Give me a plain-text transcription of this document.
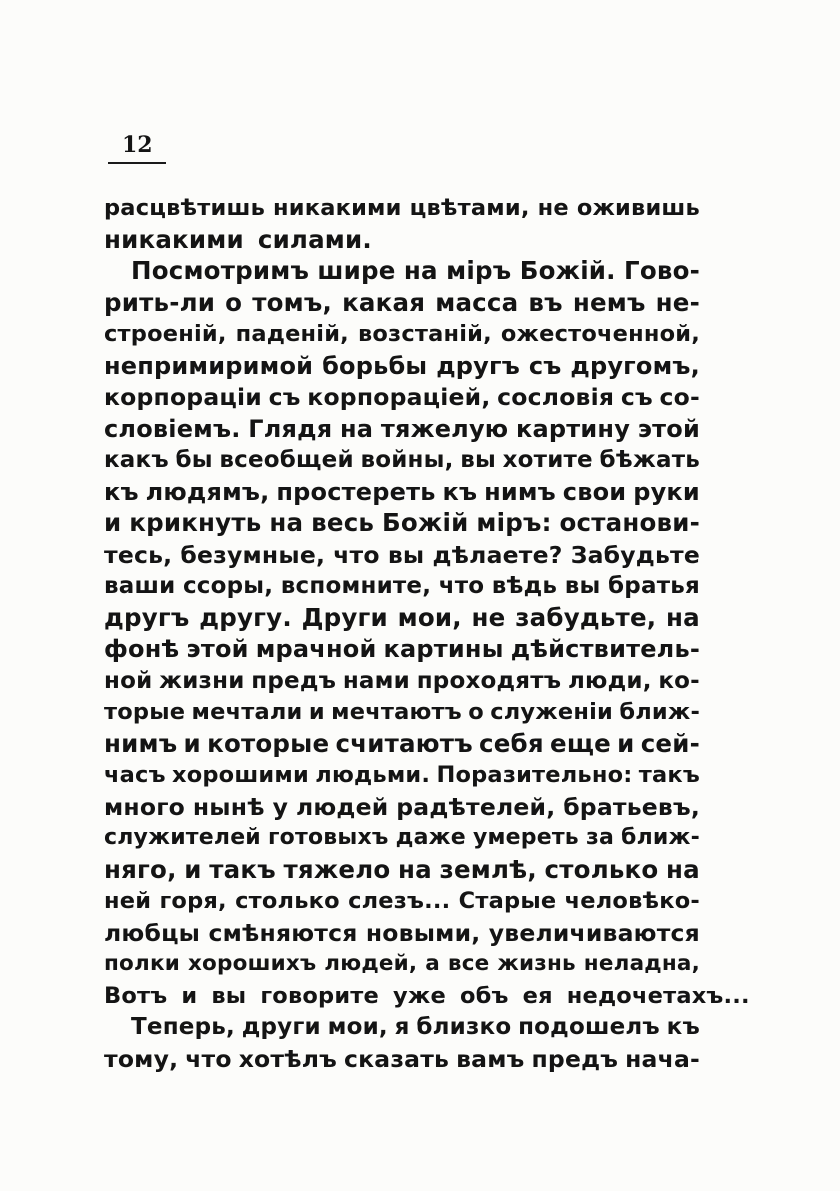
12
расцвѣтишь никакими цвѣтами, не оживишь
никакими силами.
Посмотримъ шире на міръ Божій. Гово-
рить-ли о томъ, какая масса въ немъ не-
строеній, паденій, возстаній, ожесточенной,
непримиримой борьбы другъ съ другомъ,
корпораціи съ корпораціей, сословія съ со-
словіемъ. Глядя на тяжелую картину этой
какъ бы всеобщей войны, вы хотите бѣжать
къ людямъ, простереть къ нимъ свои руки
и крикнуть на весь Божій міръ: останови-
тесь, безумные, что вы дѣлаете? Забудьте
ваши ссоры, вспомните, что вѣдь вы братья
другъ другу. Други мои, не забудьте, на
фонѣ этой мрачной картины дѣйствитель-
ной жизни предъ нами проходятъ люди, ко-
торые мечтали и мечтаютъ о служеніи ближ-
нимъ и которые считаютъ себя еще и сей-
часъ хорошими людьми. Поразительно: такъ
много нынѣ у людей радѣтелей, братьевъ,
служителей готовыхъ даже умереть за ближ-
няго, и такъ тяжело на землѣ, столько на
ней горя, столько слезъ... Старые человѣко-
любцы смѣняются новыми, увеличиваются
полки хорошихъ людей, а все жизнь неладна,
Вотъ и вы говорите уже объ ея недочетахъ...
Теперь, други мои, я близко подошелъ къ
тому, что хотѣлъ сказать вамъ предъ нача-
